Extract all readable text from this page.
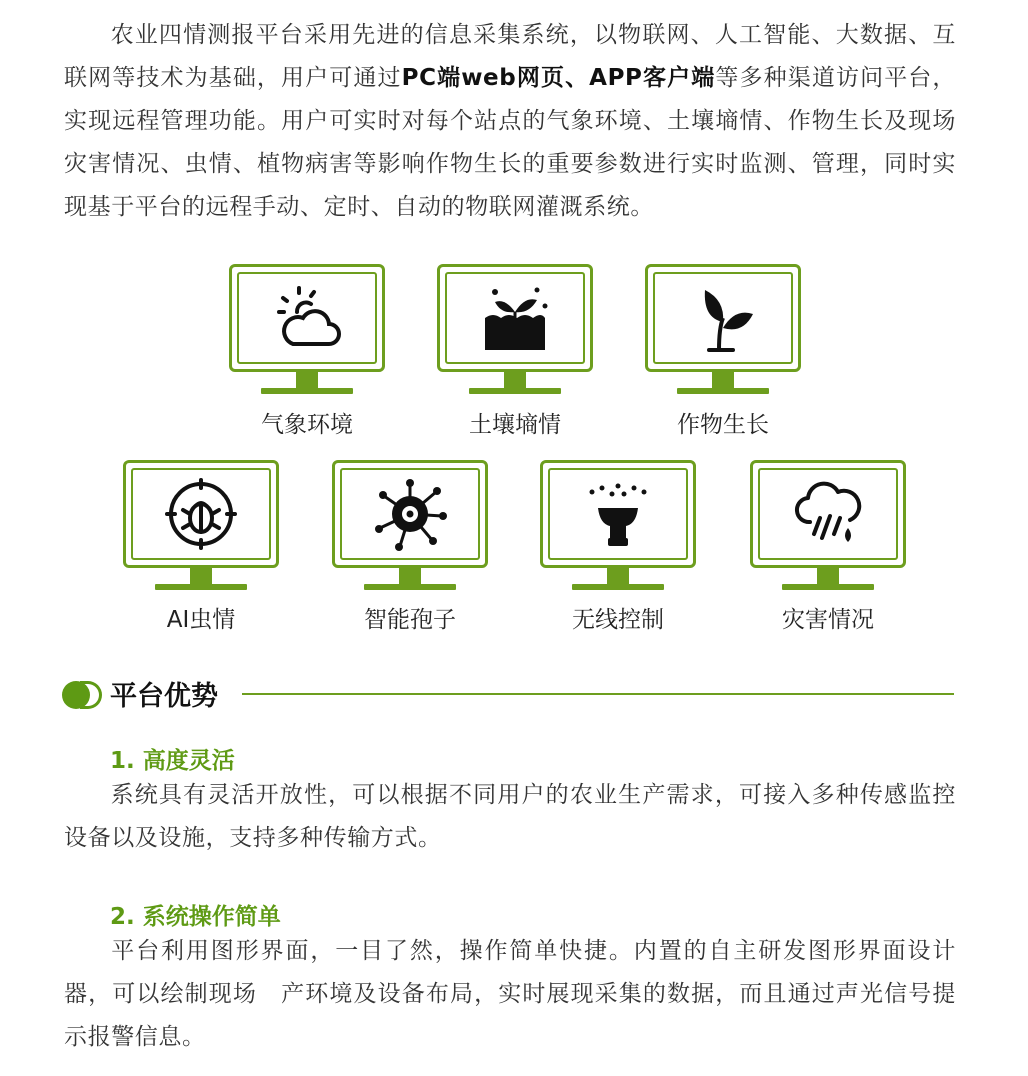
农业四情测报平台采用先进的信息采集系统，以物联网、人工智能、大数据、互联网等技术为基础，用户可通过PC端web网页、APP客户端等多种渠道访问平台，实现远程管理功能。用户可实时对每个站点的气象环境、土壤墒情、作物生长及现场灾害情况、虫情、植物病害等影响作物生长的重要参数进行实时监测、管理，同时实现基于平台的远程手动、定时、自动的物联网灌溉系统。

气象环境	土壤墒情	作物生长
AI虫情	智能孢子	无线控制	灾害情况
平台优势
1. 高度灵活

系统具有灵活开放性，可以根据不同用户的农业生产需求，可接入多种传感监控设备以及设施，支持多种传输方式。

2. 系统操作简单

平台利用图形界面，一目了然，操作简单快捷。内置的自主研发图形界面设计器，可以绘制现场　产环境及设备布局，实时展现采集的数据，而且通过声光信号提示报警信息。
